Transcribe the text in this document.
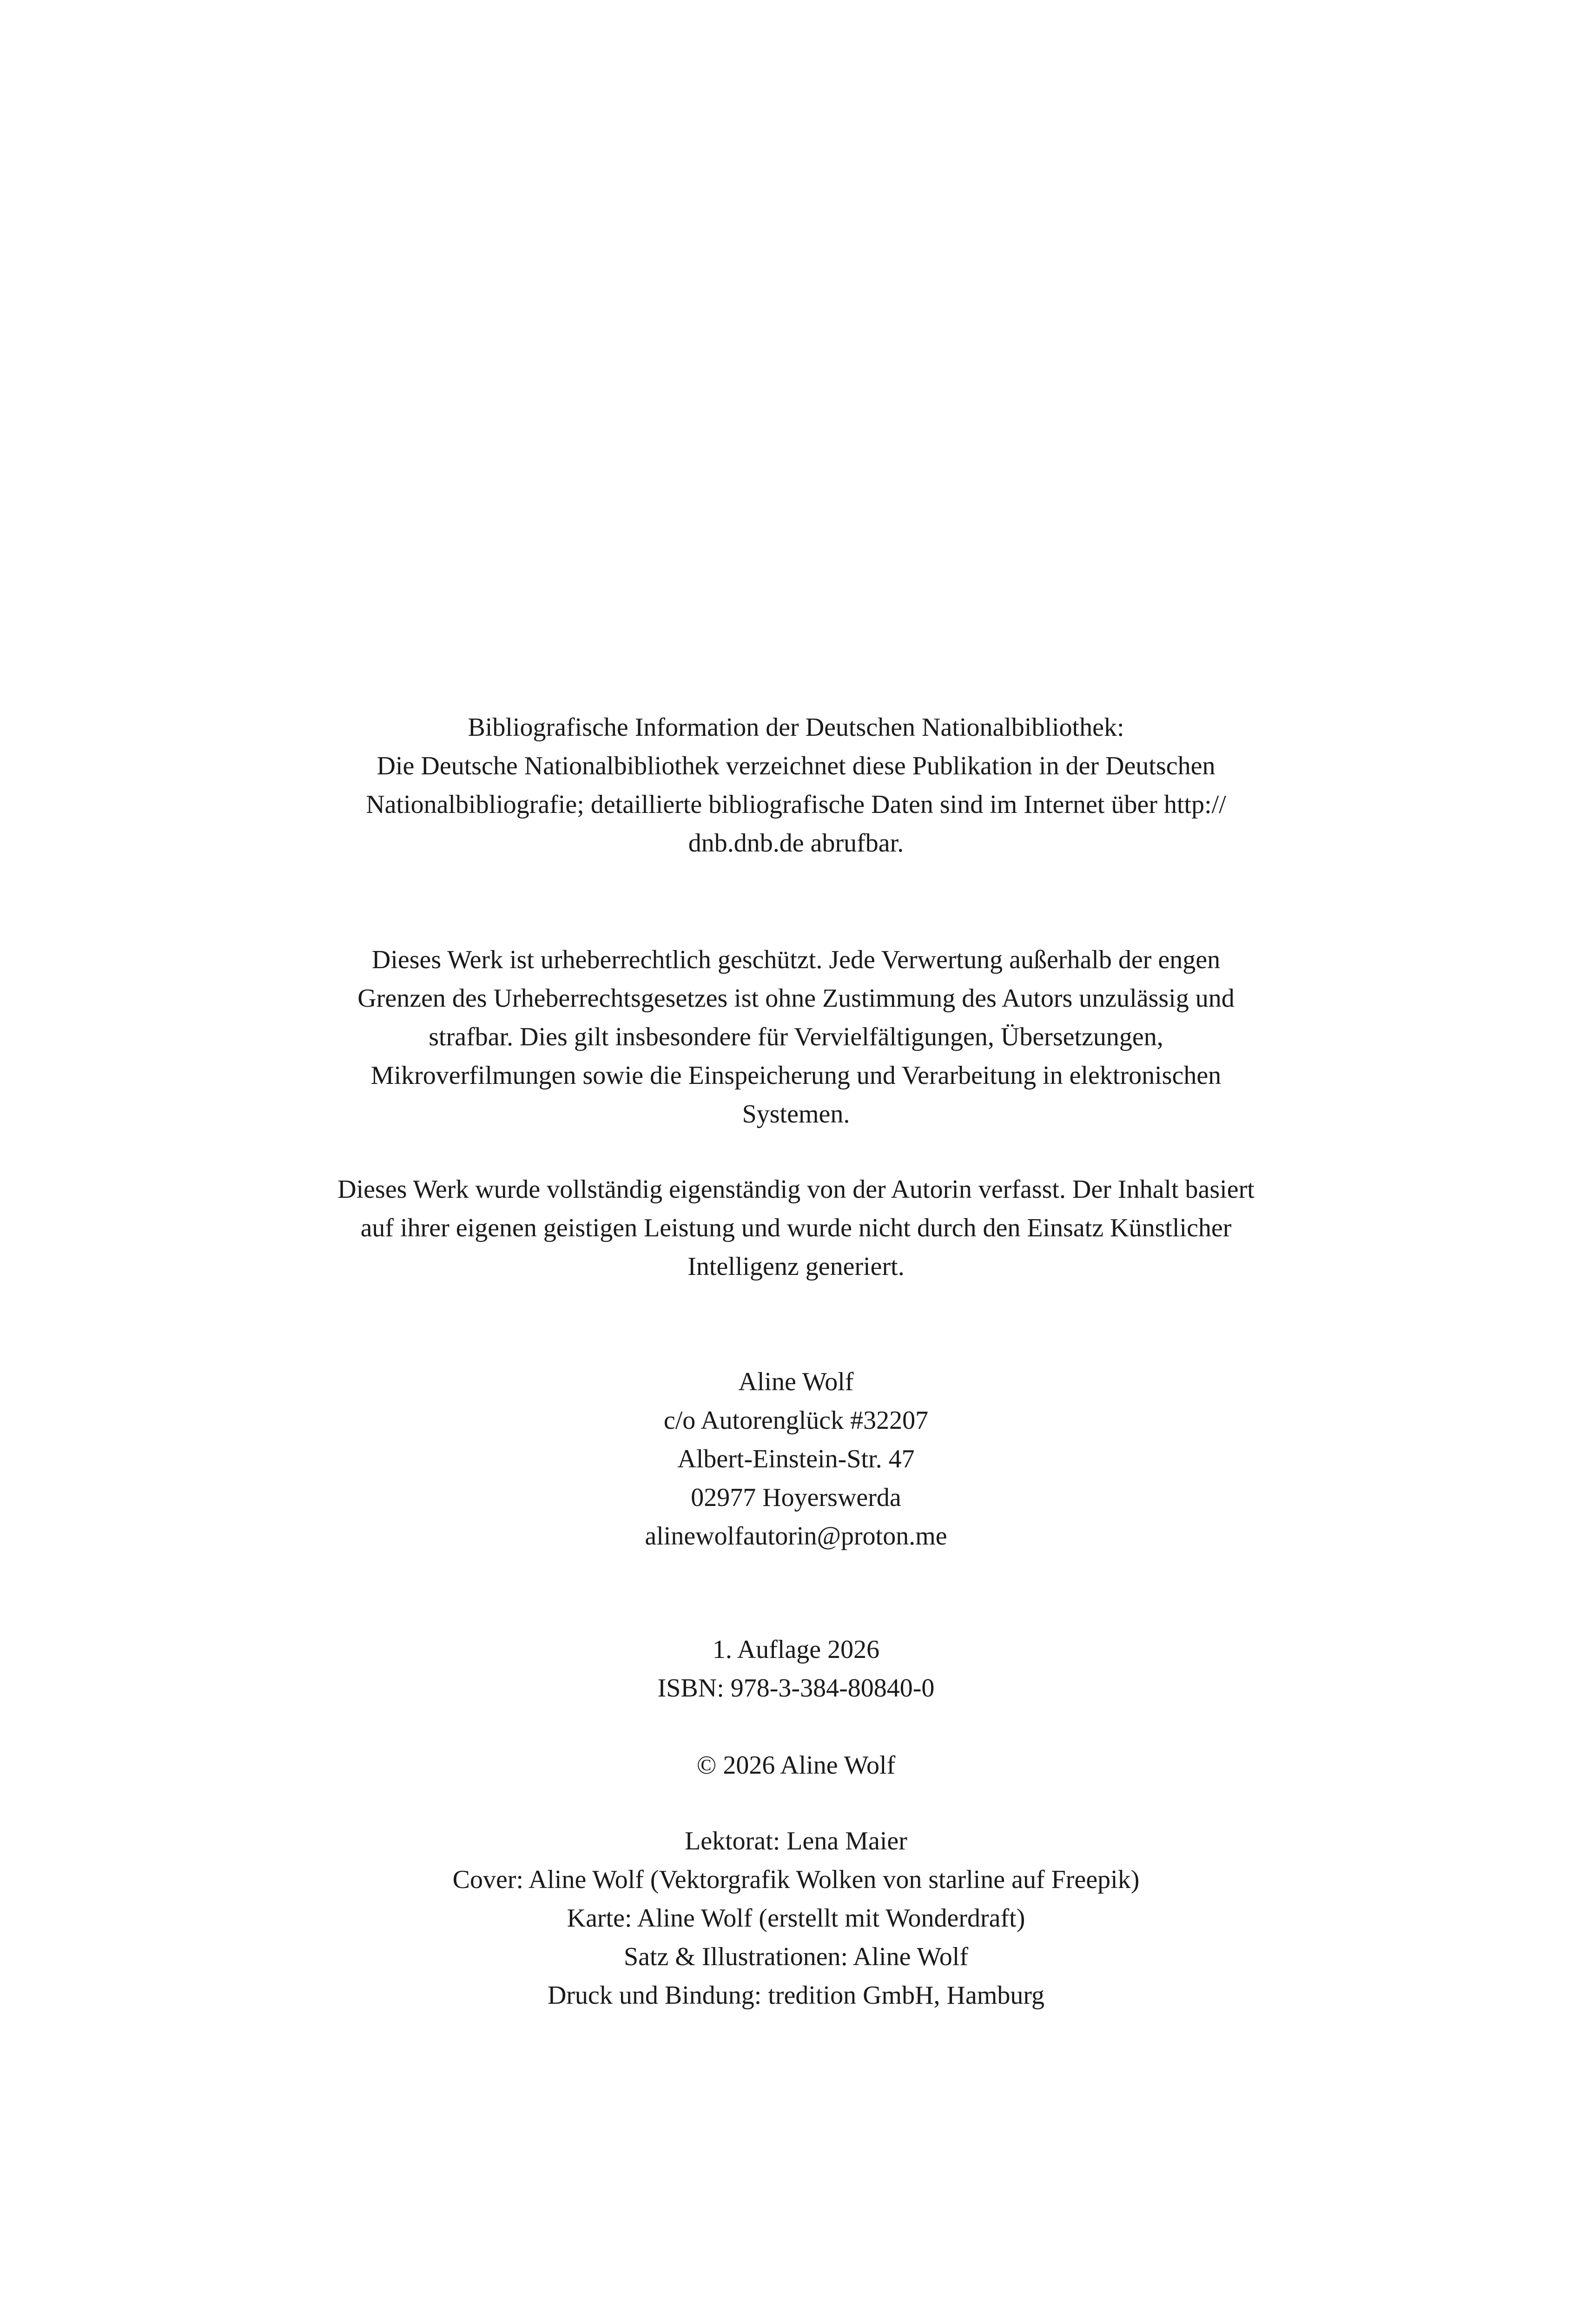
Bibliografische Information der Deutschen Nationalbibliothek:
Die Deutsche Nationalbibliothek verzeichnet diese Publikation in der Deutschen
Nationalbibliografie; detaillierte bibliografische Daten sind im Internet über http://
dnb.dnb.de abrufbar.
Dieses Werk ist urheberrechtlich geschützt. Jede Verwertung außerhalb der engen
Grenzen des Urheberrechtsgesetzes ist ohne Zustimmung des Autors unzulässig und
strafbar. Dies gilt insbesondere für Vervielfältigungen, Übersetzungen,
Mikroverfilmungen sowie die Einspeicherung und Verarbeitung in elektronischen
Systemen.
Dieses Werk wurde vollständig eigenständig von der Autorin verfasst. Der Inhalt basiert
auf ihrer eigenen geistigen Leistung und wurde nicht durch den Einsatz Künstlicher
Intelligenz generiert.
Aline Wolf
c/o Autorenglück #32207
Albert-Einstein-Str. 47
02977 Hoyerswerda
alinewolfautorin@proton.me
1. Auflage 2026
ISBN: 978-3-384-80840-0
© 2026 Aline Wolf
Lektorat: Lena Maier
Cover: Aline Wolf (Vektorgrafik Wolken von starline auf Freepik)
Karte: Aline Wolf (erstellt mit Wonderdraft)
Satz & Illustrationen: Aline Wolf
Druck und Bindung: tredition GmbH, Hamburg
